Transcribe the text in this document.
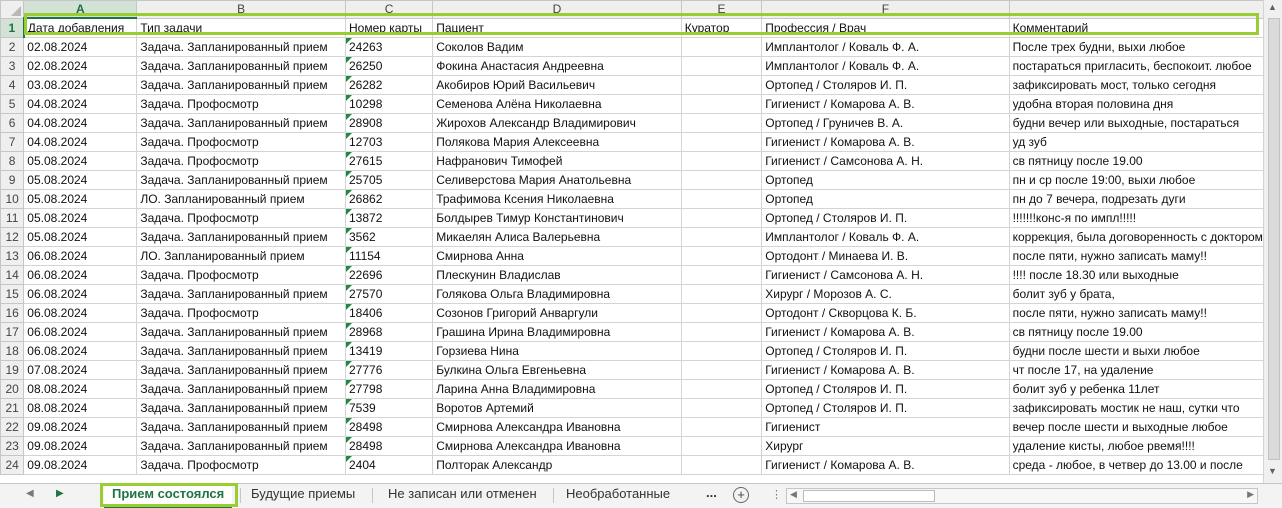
	A	B	C	D	E	F	
1	Дата добавления	Тип задачи	Номер карты	Пациент	Куратор	Профессия / Врач	Комментарий
2	02.08.2024	Задача. Запланированный прием	24263	Соколов Вадим		Имплантолог / Коваль Ф. А.	После трех будни, выхи любое
3	02.08.2024	Задача. Запланированный прием	26250	Фокина Анастасия Андреевна		Имплантолог / Коваль Ф. А.	постараться пригласить, беспокоит. любое
4	03.08.2024	Задача. Запланированный прием	26282	Акобиров Юрий Васильевич		Ортопед / Столяров И. П.	зафиксировать мост, только сегодня
5	04.08.2024	Задача. Профосмотр	10298	Семенова Алёна Николаевна		Гигиенист / Комарова А. В.	удобна вторая половина дня
6	04.08.2024	Задача. Запланированный прием	28908	Жирохов Александр Владимирович		Ортопед / Груничев В. А.	будни вечер или выходные, постараться
7	04.08.2024	Задача. Профосмотр	12703	Полякова Мария Алексеевна		Гигиенист / Комарова А. В.	уд зуб
8	05.08.2024	Задача. Профосмотр	27615	Нафранович Тимофей		Гигиенист / Самсонова А. Н.	св пятницу после 19.00
9	05.08.2024	Задача. Запланированный прием	25705	Селиверстова Мария Анатольевна		Ортопед	пн и ср после 19:00, выхи любое
10	05.08.2024	ЛО. Запланированный прием	26862	Трафимова Ксения Николаевна		Ортопед	пн до 7 вечера, подрезать дуги
11	05.08.2024	Задача. Профосмотр	13872	Болдырев Тимур Константинович		Ортопед / Столяров И. П.	!!!!!!!конс-я по импл!!!!!
12	05.08.2024	Задача. Запланированный прием	3562	Микаелян Алиса Валерьевна		Имплантолог / Коваль Ф. А.	коррекция, была договоренность с доктором
13	06.08.2024	ЛО. Запланированный прием	11154	Смирнова Анна		Ортодонт / Минаева И. В.	после пяти, нужно записать маму!!
14	06.08.2024	Задача. Профосмотр	22696	Плескунин Владислав		Гигиенист / Самсонова А. Н.	!!!! после 18.30 или выходные
15	06.08.2024	Задача. Запланированный прием	27570	Голякова Ольга Владимировна		Хирург / Морозов А. С.	болит зуб у брата,
16	06.08.2024	Задача. Профосмотр	18406	Созонов Григорий Анваргули		Ортодонт / Скворцова К. Б.	после пяти, нужно записать маму!!
17	06.08.2024	Задача. Запланированный прием	28968	Грашина Ирина Владимировна		Гигиенист / Комарова А. В.	св пятницу после 19.00
18	06.08.2024	Задача. Запланированный прием	13419	Горзиева Нина		Ортопед / Столяров И. П.	будни после шести и выхи любое
19	07.08.2024	Задача. Запланированный прием	27776	Булкина Ольга Евгеньевна		Гигиенист / Комарова А. В.	чт после 17, на удаление
20	08.08.2024	Задача. Запланированный прием	27798	Ларина Анна Владимировна		Ортопед / Столяров И. П.	болит зуб у ребенка 11лет
21	08.08.2024	Задача. Запланированный прием	7539	Воротов Артемий		Ортопед / Столяров И. П.	зафиксировать мостик не наш, сутки что
22	09.08.2024	Задача. Запланированный прием	28498	Смирнова Александра Ивановна		Гигиенист	вечер после шести и выходные любое
23	09.08.2024	Задача. Запланированный прием	28498	Смирнова Александра Ивановна		Хирург	удаление кисты, любое рвемя!!!!
24	09.08.2024	Задача. Профосмотр	2404	Полторак Александр		Гигиенист / Комарова А. В.	среда - любое, в четвер до 13.00 и после
▲
▼
◀ ▶	Прием состоялся	Будущие приемы	Не записан или отменен	Необработанные	...	+	⋮ ◀	▶
